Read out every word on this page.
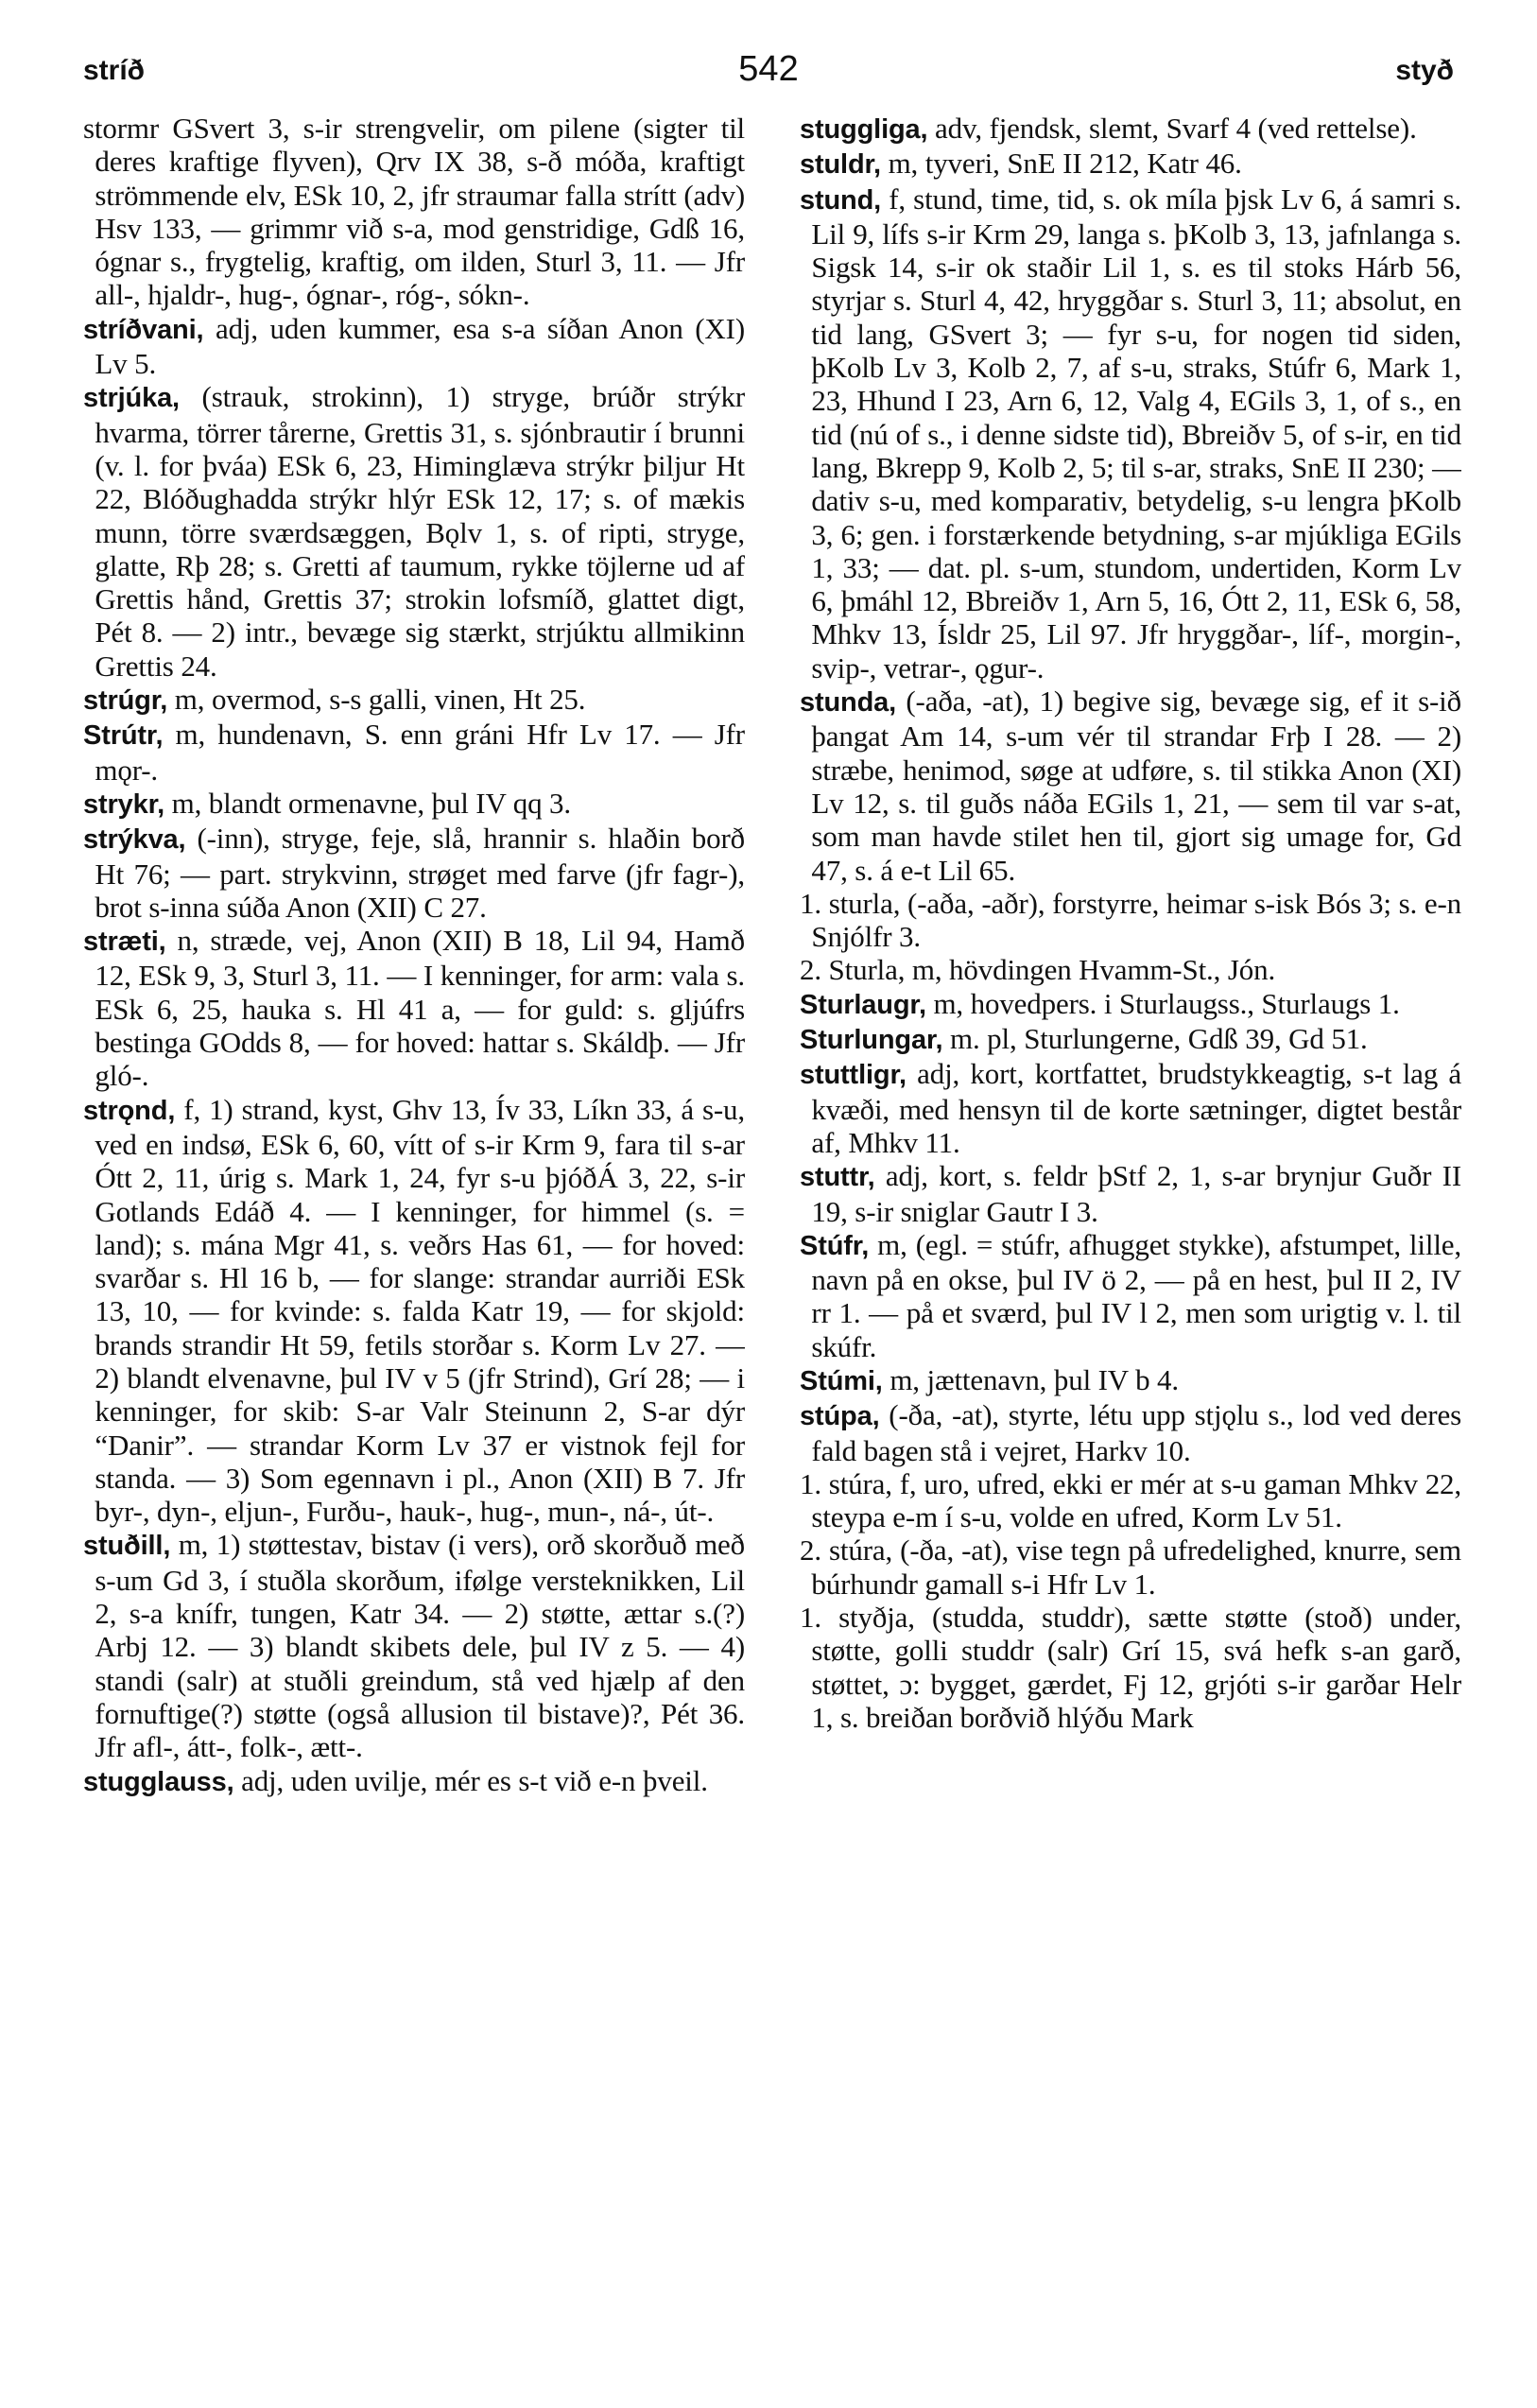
stríð	542	styð

stormr GSvert 3, s-ir strengvelir, om pilene (sigter til deres kraftige flyven), Qrv IX 38, s-ð móða, kraftigt strömmende elv, ESk 10, 2, jfr straumar falla strítt (adv) Hsv 133, — grimmr við s-a, mod genstridige, Gdß 16, ógnar s., frygtelig, kraftig, om ilden, Sturl 3, 11. — Jfr all-, hjaldr-, hug-, ógnar-, róg-, sókn-.

stríðvani, adj, uden kummer, esa s-a síðan Anon (XI) Lv 5.

strjúka, (strauk, strokinn), 1) stryge, brúðr strýkr hvarma, törrer tårerne, Grettis 31, s. sjónbrautir í brunni (v. l. for þváa) ESk 6, 23, Himinglæva strýkr þiljur Ht 22, Blóðughadda strýkr hlýr ESk 12, 17; s. of mækis munn, törre sværdsæggen, Bǫlv 1, s. of ripti, stryge, glatte, Rþ 28; s. Gretti af taumum, rykke töjlerne ud af Grettis hånd, Grettis 37; strokin lofsmíð, glattet digt, Pét 8. — 2) intr., bevæge sig stærkt, strjúktu allmikinn Grettis 24.

strúgr, m, overmod, s-s galli, vinen, Ht 25.

Strútr, m, hundenavn, S. enn gráni Hfr Lv 17. — Jfr mǫr-.

strykr, m, blandt ormenavne, þul IV qq 3.

strýkva, (-inn), stryge, feje, slå, hrannir s. hlaðin borð Ht 76; — part. strykvinn, strøget med farve (jfr fagr-), brot s-inna súða Anon (XII) C 27.

stræti, n, stræde, vej, Anon (XII) B 18, Lil 94, Hamð 12, ESk 9, 3, Sturl 3, 11. — I kenninger, for arm: vala s. ESk 6, 25, hauka s. Hl 41 a, — for guld: s. gljúfrs bestinga GOdds 8, — for hoved: hattar s. Skáldþ. — Jfr gló-.

strǫnd, f, 1) strand, kyst, Ghv 13, Ív 33, Líkn 33, á s-u, ved en indsø, ESk 6, 60, vítt of s-ir Krm 9, fara til s-ar Ótt 2, 11, úrig s. Mark 1, 24, fyr s-u þjóðÁ 3, 22, s-ir Gotlands Edáð 4. — I kenninger, for himmel (s. = land); s. mána Mgr 41, s. veðrs Has 61, — for hoved: svarðar s. Hl 16 b, — for slange: strandar aurriði ESk 13, 10, — for kvinde: s. falda Katr 19, — for skjold: brands strandir Ht 59, fetils storðar s. Korm Lv 27. — 2) blandt elvenavne, þul IV v 5 (jfr Strind), Grí 28; — i kenninger, for skib: S-ar Valr Steinunn 2, S-ar dýr “Danir”. — strandar Korm Lv 37 er vistnok fejl for standa. — 3) Som egennavn i pl., Anon (XII) B 7. Jfr byr-, dyn-, eljun-, Furðu-, hauk-, hug-, mun-, ná-, út-.

stuðill, m, 1) støttestav, bistav (i vers), orð skorðuð með s-um Gd 3, í stuðla skorðum, ifølge versteknikken, Lil 2, s-a knífr, tungen, Katr 34. — 2) støtte, ættar s.(?) Arbj 12. — 3) blandt skibets dele, þul IV z 5. — 4) standi (salr) at stuðli greindum, stå ved hjælp af den fornuftige(?) støtte (også allusion til bistave)?, Pét 36. Jfr afl-, átt-, folk-, ætt-.

stugglauss, adj, uden uvilje, mér es s-t við e-n þveil.

stuggliga, adv, fjendsk, slemt, Svarf 4 (ved rettelse).

stuldr, m, tyveri, SnE II 212, Katr 46.

stund, f, stund, time, tid, s. ok míla þjsk Lv 6, á samri s. Lil 9, lífs s-ir Krm 29, langa s. þKolb 3, 13, jafnlanga s. Sigsk 14, s-ir ok staðir Lil 1, s. es til stoks Hárb 56, styrjar s. Sturl 4, 42, hryggðar s. Sturl 3, 11; absolut, en tid lang, GSvert 3; — fyr s-u, for nogen tid siden, þKolb Lv 3, Kolb 2, 7, af s-u, straks, Stúfr 6, Mark 1, 23, Hhund I 23, Arn 6, 12, Valg 4, EGils 3, 1, of s., en tid (nú of s., i denne sidste tid), Bbreiðv 5, of s-ir, en tid lang, Bkrepp 9, Kolb 2, 5; til s-ar, straks, SnE II 230; — dativ s-u, med komparativ, betydelig, s-u lengra þKolb 3, 6; gen. i forstærkende betydning, s-ar mjúkliga EGils 1, 33; — dat. pl. s-um, stundom, undertiden, Korm Lv 6, þmáhl 12, Bbreiðv 1, Arn 5, 16, Ótt 2, 11, ESk 6, 58, Mhkv 13, Ísldr 25, Lil 97. Jfr hryggðar-, líf-, morgin-, svip-, vetrar-, ǫgur-.

stunda, (-aða, -at), 1) begive sig, bevæge sig, ef it s-ið þangat Am 14, s-um vér til strandar Frþ I 28. — 2) stræbe, henimod, søge at udføre, s. til stikka Anon (XI) Lv 12, s. til guðs náða EGils 1, 21, — sem til var s-at, som man havde stilet hen til, gjort sig umage for, Gd 47, s. á e-t Lil 65.

1. sturla, (-aða, -aðr), forstyrre, heimar s-isk Bós 3; s. e-n Snjólfr 3.

2. Sturla, m, hövdingen Hvamm-St., Jón.

Sturlaugr, m, hovedpers. i Sturlaugss., Sturlaugs 1.

Sturlungar, m. pl, Sturlungerne, Gdß 39, Gd 51.

stuttligr, adj, kort, kortfattet, brudstykkeagtig, s-t lag á kvæði, med hensyn til de korte sætninger, digtet består af, Mhkv 11.

stuttr, adj, kort, s. feldr þStf 2, 1, s-ar brynjur Guðr II 19, s-ir sniglar Gautr I 3.

Stúfr, m, (egl. = stúfr, afhugget stykke), afstumpet, lille, navn på en okse, þul IV ö 2, — på en hest, þul II 2, IV rr 1. — på et sværd, þul IV l 2, men som urigtig v. l. til skúfr.

Stúmi, m, jættenavn, þul IV b 4.

stúpa, (-ða, -at), styrte, létu upp stjǫlu s., lod ved deres fald bagen stå i vejret, Harkv 10.

1. stúra, f, uro, ufred, ekki er mér at s-u gaman Mhkv 22, steypa e-m í s-u, volde en ufred, Korm Lv 51.

2. stúra, (-ða, -at), vise tegn på ufredelighed, knurre, sem búrhundr gamall s-i Hfr Lv 1.

1. styðja, (studda, studdr), sætte støtte (stoð) under, støtte, golli studdr (salr) Grí 15, svá hefk s-an garð, støttet, ɔ: bygget, gærdet, Fj 12, grjóti s-ir garðar Helr 1, s. breiðan borðvið hlýðu Mark
